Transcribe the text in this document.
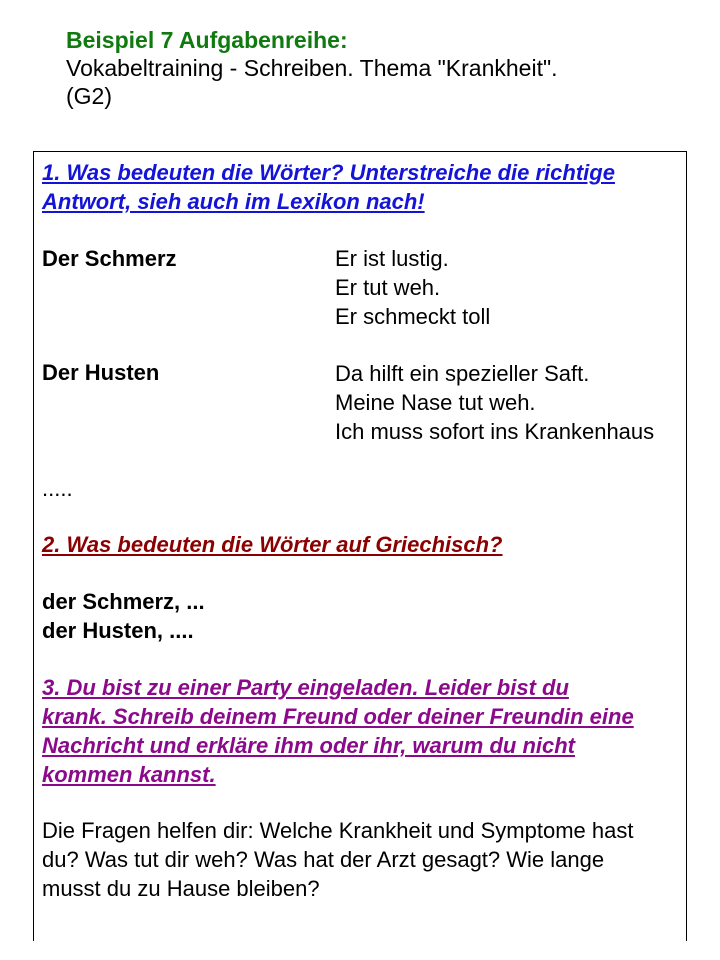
Beispiel 7 Aufgabenreihe:
Vokabeltraining - Schreiben. Thema "Krankheit".
(G2)
1. Was bedeuten die Wörter? Unterstreiche die richtige
Antwort, sieh auch im Lexikon nach!
Der Schmerz	Er ist lustig.
Er tut weh.
Er schmeckt toll
Der Husten	Da hilft ein spezieller Saft.
Meine Nase tut weh.
Ich muss sofort ins Krankenhaus
.....
2. Was bedeuten die Wörter auf Griechisch?
der Schmerz, ...
der Husten, ....
3. Du bist zu einer Party eingeladen. Leider bist du
krank. Schreib deinem Freund oder deiner Freundin eine
Nachricht und erkläre ihm oder ihr, warum du nicht
kommen kannst.
Die Fragen helfen dir: Welche Krankheit und Symptome hast
du? Was tut dir weh? Was hat der Arzt gesagt? Wie lange
musst du zu Hause bleiben?
